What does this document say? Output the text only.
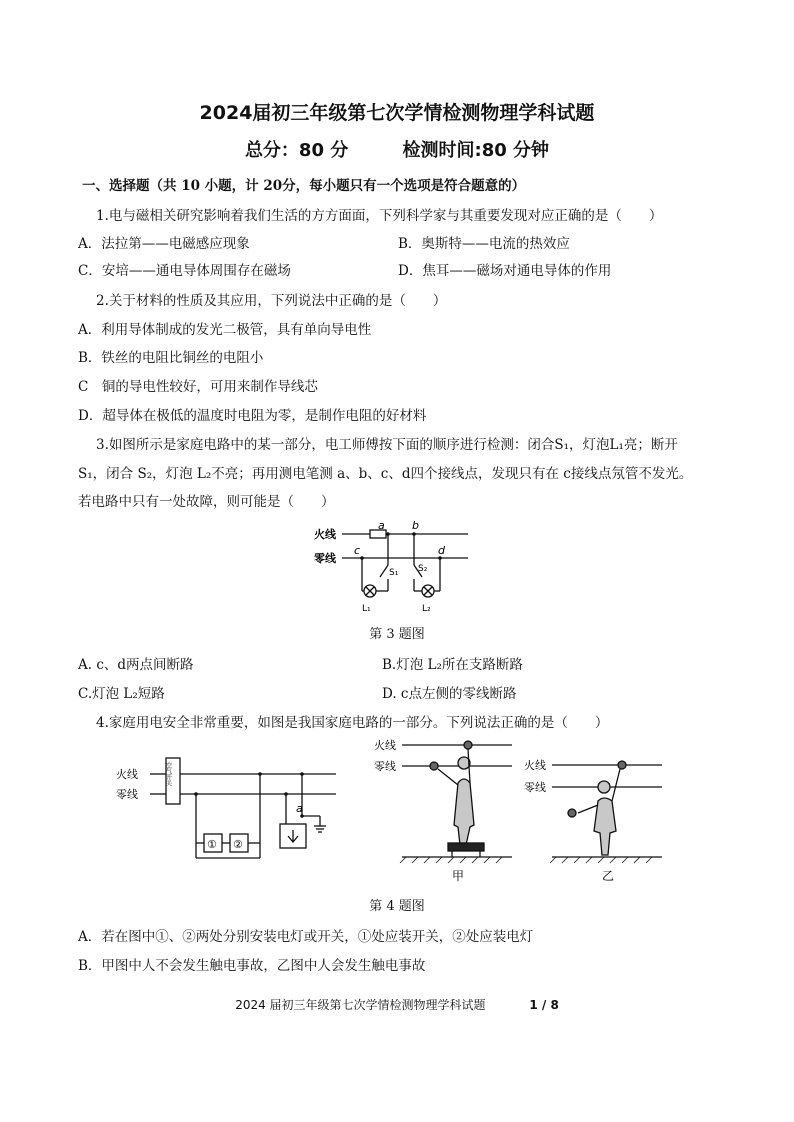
2024届初三年级第七次学情检测物理学科试题
总分：80 分	检测时间:80 分钟
一、选择题（共 10 小题，计 20分，每小题只有一个选项是符合题意的）
1.电与磁相关研究影响着我们生活的方方面面，下列科学家与其重要发现对应正确的是（　　）
A．法拉第——电磁感应现象	B．奥斯特——电流的热效应
C．安培——通电导体周围存在磁场	D．焦耳——磁场对通电导体的作用
2.关于材料的性质及其应用，下列说法中正确的是（　　）
A．利用导体制成的发光二极管，具有单向导电性
B．铁丝的电阻比铜丝的电阻小
C　铜的导电性较好，可用来制作导线芯
D．超导体在极低的温度时电阻为零，是制作电阻的好材料
3.如图所示是家庭电路中的某一部分，电工师傅按下面的顺序进行检测：闭合S₁，灯泡L₁亮；断开
S₁，闭合 S₂，灯泡 L₂不亮；再用测电笔测 a、b、c、d四个接线点，发现只有在 c接线点氖管不发光。
若电路中只有一处故障，则可能是（　　）
火线
零线
a b
c	d
S₁ S₂
L₁	L₂
第 3 题图
A. c、d两点间断路	B.灯泡 L₂所在支路断路
C.灯泡 L₂短路	D. c点左侧的零线断路
4.家庭用电安全非常重要，如图是我国家庭电路的一部分。下列说法正确的是（　　）
火线
零线
空气开关
a
① ②
火线
零线	火线
零线
甲	乙
第 4 题图
A．若在图中①、②两处分别安装电灯或开关，①处应装开关，②处应装电灯
B．甲图中人不会发生触电事故，乙图中人会发生触电事故
2024 届初三年级第七次学情检测物理学科试题	1 / 8
